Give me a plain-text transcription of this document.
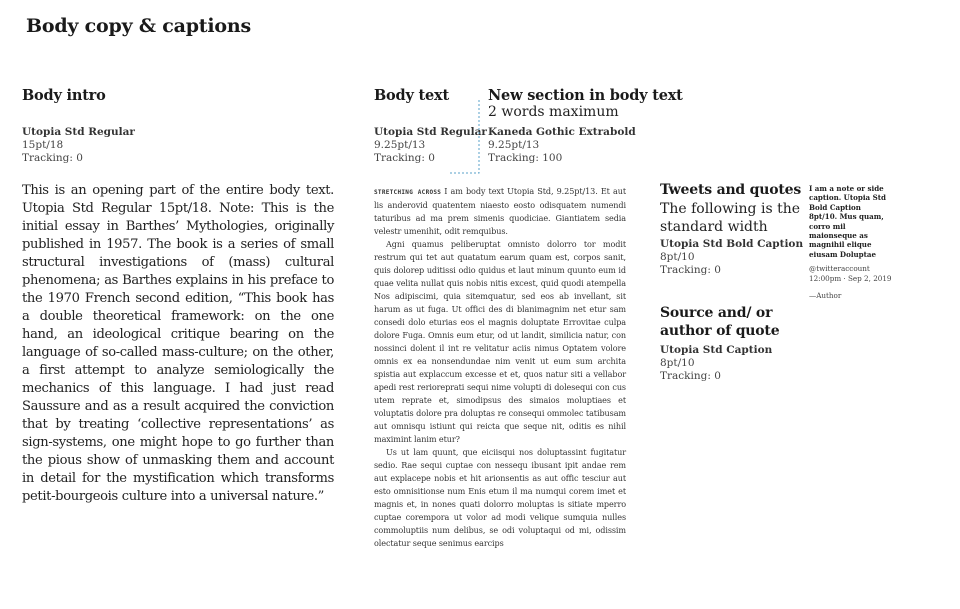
Body copy & captions
Body intro
Utopia Std Regular
15pt/18
Tracking: 0
This is an opening part of the entire body text. Utopia Std Regular 15pt/18. Note: This is the initial essay in Barthes’ Mythologies, originally published in 1957. The book is a series of small structural investigations of (mass) cultural phenomena; as Barthes explains in his preface to the 1970 French second edition, “This book has a double theoretical framework: on the one hand, an ideological critique bearing on the language of so-called mass-culture; on the other, a first attempt to analyze semiologically the mechanics of this language. I had just read Saussure and as a result acquired the conviction that by treating ‘collective representations’ as sign-systems, one might hope to go further than the pious show of unmasking them and account in detail for the mystification which transforms petit-bourgeois culture into a universal nature.”
Body text
Utopia Std Regular
9.25pt/13
Tracking: 0

STRETCHING ACROSS I am body text Utopia Std, 9.25pt/13. Et aut lis anderovid quatentem niaesto eosto odisquatem numendi taturibus ad ma prem simenis quodiciae. Giantiatem sedia velestr umenihit, odit remquibus.

Agni quamus peliberuptat omnisto dolorro tor modit restrum qui tet aut quatatum earum quam est, corpos sanit, quis dolorep uditissi odio quidus et laut minum quunto eum id quae velita nullat quis nobis nitis excest, quid quodi atempella Nos adipiscimi, quia sitemquatur, sed eos ab invellant, sit harum as ut fuga. Ut offici des di blanimagnim net etur sam consedi dolo eturias eos el magnis doluptate Errovitae culpa dolore Fuga. Omnis eum etur, od ut landit, similicia natur, con nossinci dolent il int re velitatur aciis nimus Optatem volore omnis ex ea nonsendundae nim venit ut eum sum archita spistia aut explaccum excesse et et, quos natur siti a vellabor apedi rest rerioreprati sequi nime volupti di dolesequi con cus utem reprate et, simodipsus des simaios moluptiaes et voluptatis dolore pra doluptas re consequi ommolec tatibusam aut omnisqu istiunt qui reicta que seque nit, oditis es nihil maximint lanim etur?

Us ut lam quunt, que eiciisqui nos doluptassint fugitatur sedio. Rae sequi cuptae con nessequ ibusant ipit andae rem aut explacepe nobis et hit arionsentis as aut offic tesciur aut esto omnisitionse num Enis etum il ma numqui corem imet et magnis et, in nones quati dolorro moluptas is sitiate mperro cuptae corempora ut volor ad modi velique sumquia nulles commoluptiis num delibus, se odi voluptaqui od mi, odissim olectatur seque senimus earcips

New section in body text
2 words maximum
Kaneda Gothic Extrabold
9.25pt/13
Tracking: 100
Tweets and quotes
The following is the standard width
Utopia Std Bold Caption
8pt/10
Tracking: 0
Source and/ or author of quote
Utopia Std Caption
8pt/10
Tracking: 0
I am a note or side caption. Utopia Std Bold Caption 8pt/10. Mus quam, corro mil maionseque as magnihil elique eiusam Doluptae
@twitteraccount
12:00pm · Sep 2, 2019
—Author
